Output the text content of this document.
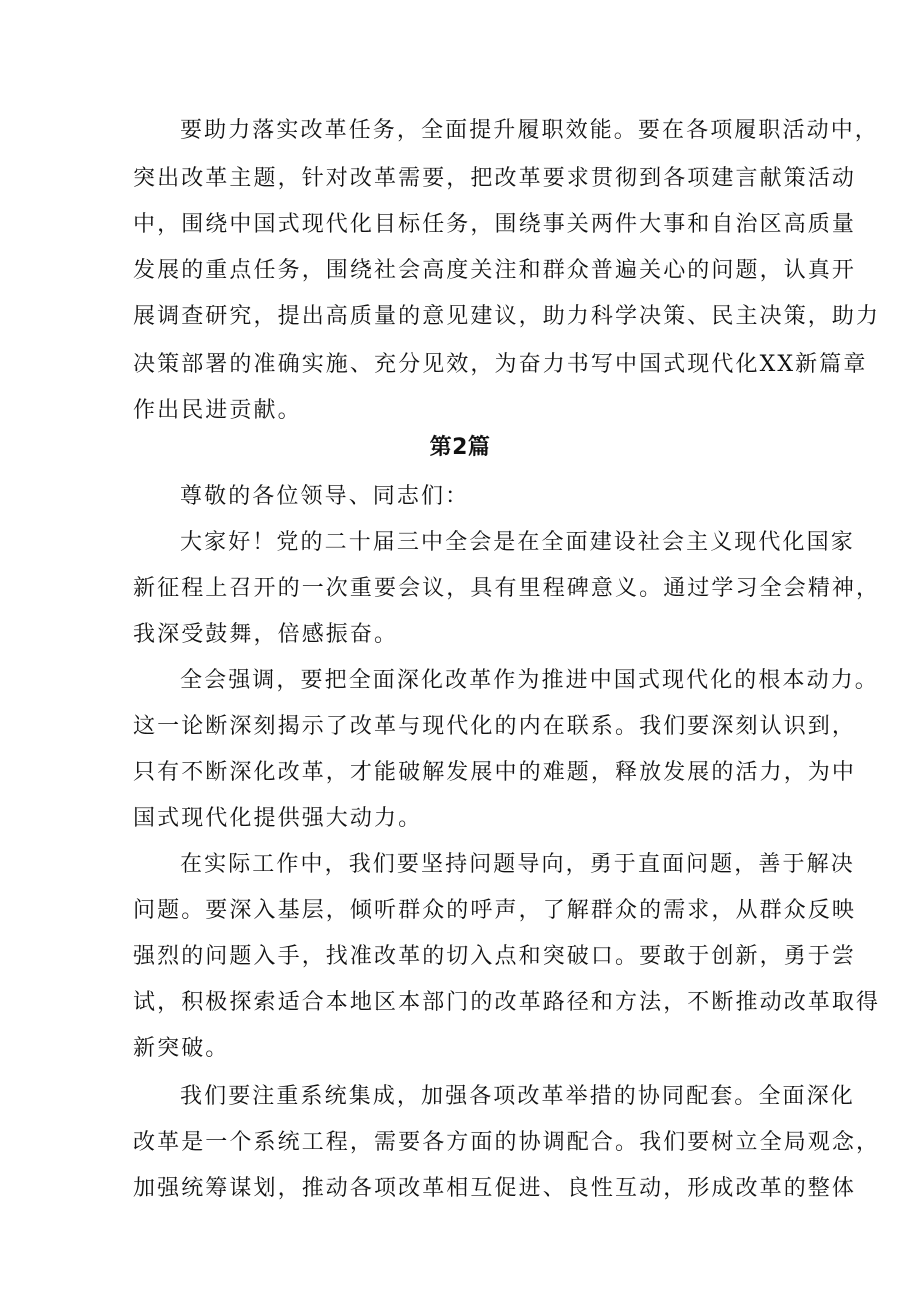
要助力落实改革任务，全面提升履职效能。要在各项履职活动中，

突出改革主题，针对改革需要，把改革要求贯彻到各项建言献策活动

中，围绕中国式现代化目标任务，围绕事关两件大事和自治区高质量

发展的重点任务，围绕社会高度关注和群众普遍关心的问题，认真开

展调查研究，提出高质量的意见建议，助力科学决策、民主决策，助力

决策部署的准确实施、充分见效，为奋力书写中国式现代化XX新篇章

作出民进贡献。

第2篇

尊敬的各位领导、同志们：

大家好！党的二十届三中全会是在全面建设社会主义现代化国家

新征程上召开的一次重要会议，具有里程碑意义。通过学习全会精神，

我深受鼓舞，倍感振奋。

全会强调，要把全面深化改革作为推进中国式现代化的根本动力。

这一论断深刻揭示了改革与现代化的内在联系。我们要深刻认识到，

只有不断深化改革，才能破解发展中的难题，释放发展的活力，为中

国式现代化提供强大动力。

在实际工作中，我们要坚持问题导向，勇于直面问题，善于解决

问题。要深入基层，倾听群众的呼声，了解群众的需求，从群众反映

强烈的问题入手，找准改革的切入点和突破口。要敢于创新，勇于尝

试，积极探索适合本地区本部门的改革路径和方法，不断推动改革取得

新突破。

我们要注重系统集成，加强各项改革举措的协同配套。全面深化

改革是一个系统工程，需要各方面的协调配合。我们要树立全局观念，

加强统筹谋划，推动各项改革相互促进、良性互动，形成改革的整体
